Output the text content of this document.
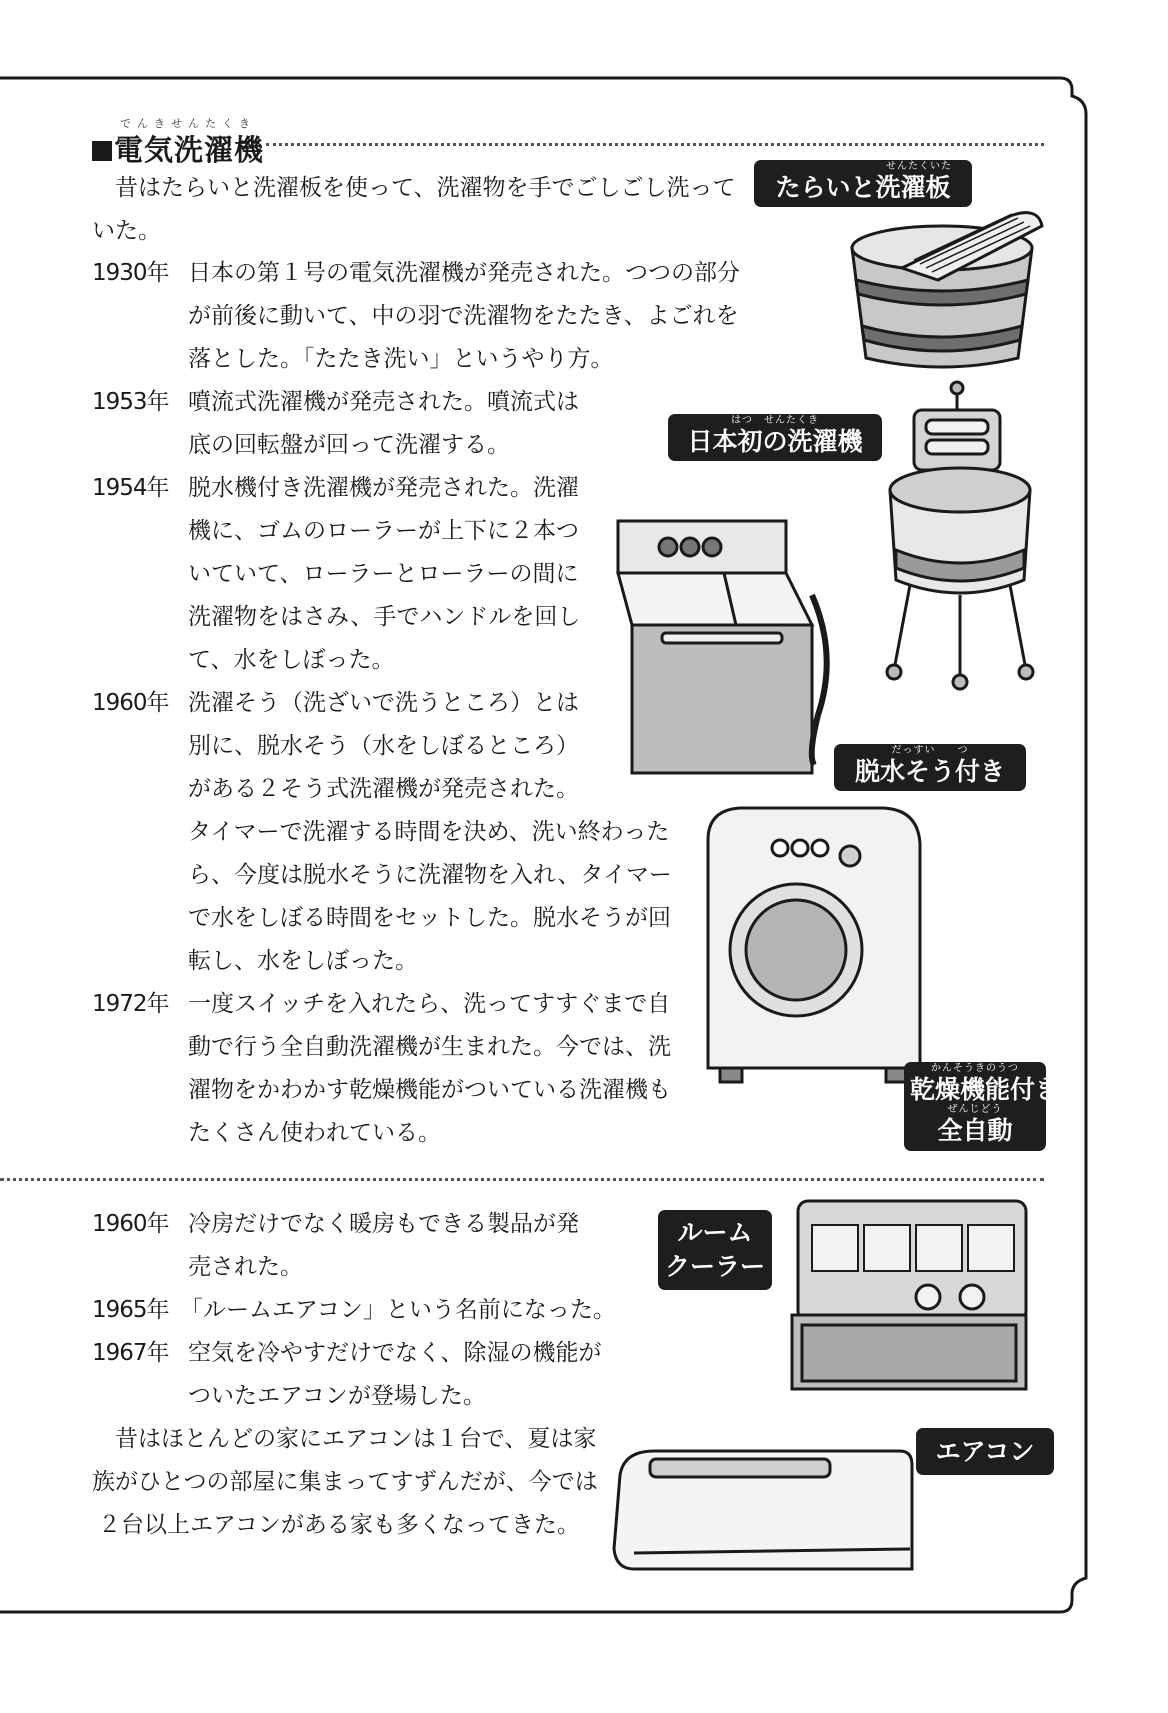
でんきせんたくき
電気洗濯機
昔はたらいと洗濯板を使って、洗濯物を手でごしごし洗って
いた。
1930年 日本の第１号の電気洗濯機が発売された。つつの部分
が前後に動いて、中の羽で洗濯物をたたき、よごれを
落とした。「たたき洗い」というやり方。
1953年 噴流式洗濯機が発売された。噴流式は
底の回転盤が回って洗濯する。
1954年 脱水機付き洗濯機が発売された。洗濯
機に、ゴムのローラーが上下に２本つ
いていて、ローラーとローラーの間に
洗濯物をはさみ、手でハンドルを回し
て、水をしぼった。
1960年 洗濯そう（洗ざいで洗うところ）とは
別に、脱水そう（水をしぼるところ）
がある２そう式洗濯機が発売された。
タイマーで洗濯する時間を決め、洗い終わった
ら、今度は脱水そうに洗濯物を入れ、タイマー
で水をしぼる時間をセットした。脱水そうが回
転し、水をしぼった。
1972年 一度スイッチを入れたら、洗ってすすぐまで自
動で行う全自動洗濯機が生まれた。今では、洗
濯物をかわかす乾燥機能がついている洗濯機も
たくさん使われている。
1960年 冷房だけでなく暖房もできる製品が発
売された。
1965年 「ルームエアコン」という名前になった。
1967年 空気を冷やすだけでなく、除湿の機能が
ついたエアコンが登場した。
昔はほとんどの家にエアコンは１台で、夏は家
族がひとつの部屋に集まってすずんだが、今では
２台以上エアコンがある家も多くなってきた。
せんたくいた
たらいと洗濯板
はつ　せんたくき
日本初の洗濯機
だっすい　　つ
脱水そう付き
かんそうきのうつ
乾燥機能付き
ぜんじどう
全自動
ルーム
クーラー
エアコン
